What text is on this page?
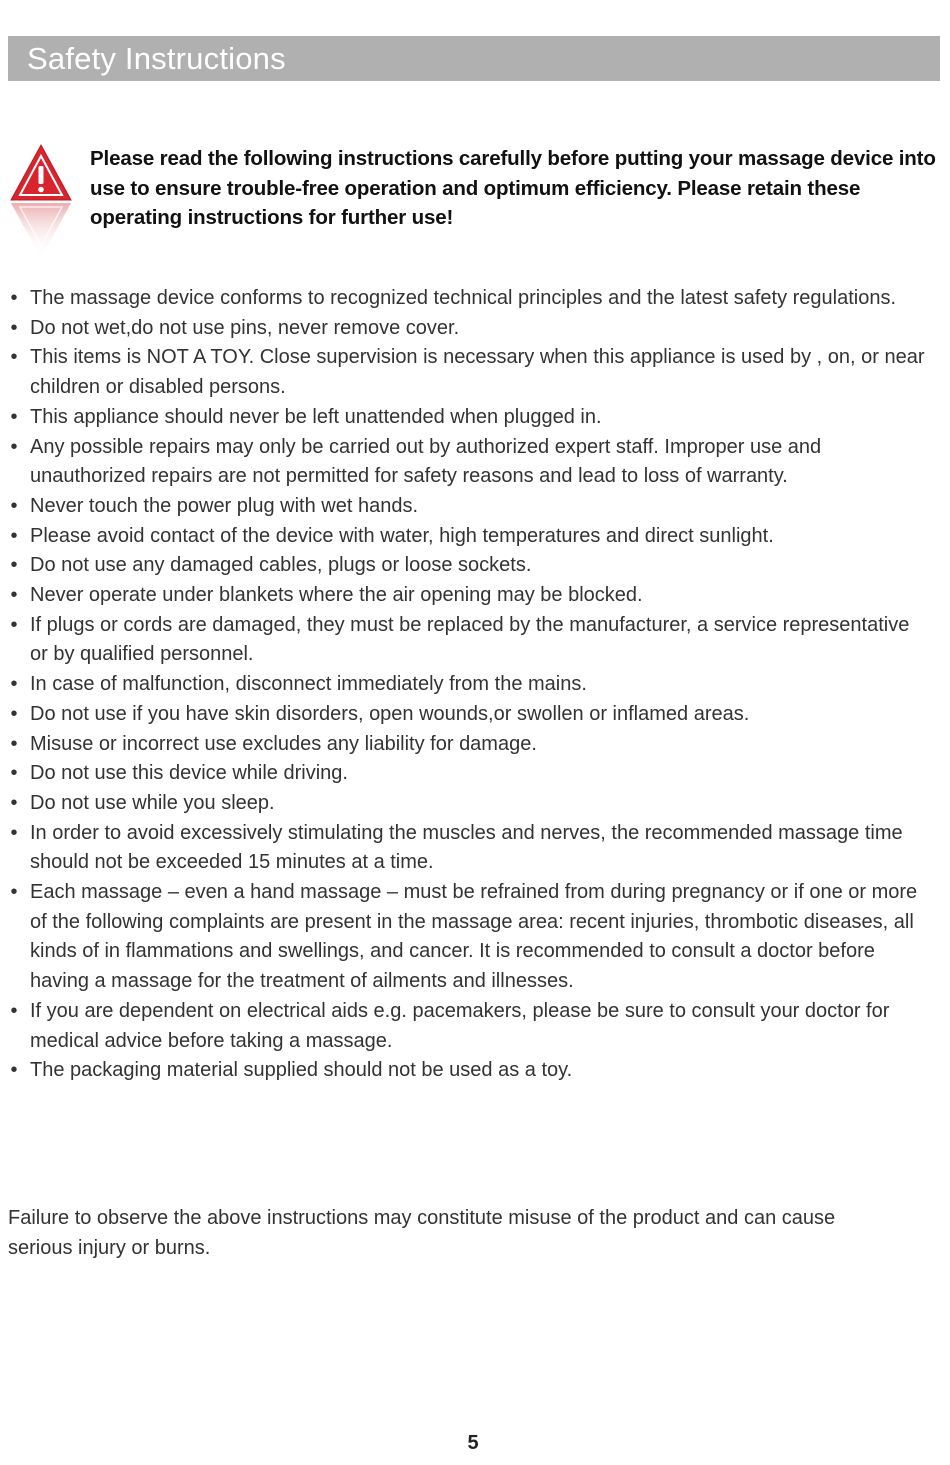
Safety Instructions
Please read the following instructions carefully before putting your massage device into use to ensure trouble-free operation and optimum efficiency. Please retain these operating instructions for further use!
• The massage device conforms to recognized technical principles and the latest safety regulations.
• Do not wet,do not use pins, never remove cover.
• This items is NOT A TOY. Close supervision is necessary when this appliance is used by , on, or near children or disabled persons.
• This appliance should never be left unattended when plugged in.
• Any possible repairs may only be carried out by authorized expert staff. Improper use and unauthorized repairs are not permitted for safety reasons and lead to loss of warranty.
• Never touch the power plug with wet hands.
• Please avoid contact of the device with water, high temperatures and direct sunlight.
• Do not use any damaged cables, plugs or loose sockets.
• Never operate under blankets where the air opening may be blocked.
• If plugs or cords are damaged, they must be replaced by the manufacturer, a service representative or by qualified personnel.
• In case of malfunction, disconnect immediately from the mains.
• Do not use if you have skin disorders, open wounds,or swollen or inflamed areas.
• Misuse or incorrect use excludes any liability for damage.
• Do not use this device while driving.
• Do not use while you sleep.
• In order to avoid excessively stimulating the muscles and nerves, the recommended massage time should not be exceeded 15 minutes at a time.
• Each massage – even a hand massage – must be refrained from during pregnancy or if one or more of the following complaints are present in the massage area: recent injuries, thrombotic diseases, all kinds of in flammations and swellings, and cancer. It is recommended to consult a doctor before having a massage for the treatment of ailments and illnesses.
• If you are dependent on electrical aids e.g. pacemakers, please be sure to consult your doctor for medical advice before taking a massage.
• The packaging material supplied should not be used as a toy.
Failure to observe the above instructions may constitute misuse of the product and can cause serious injury or burns.
5
